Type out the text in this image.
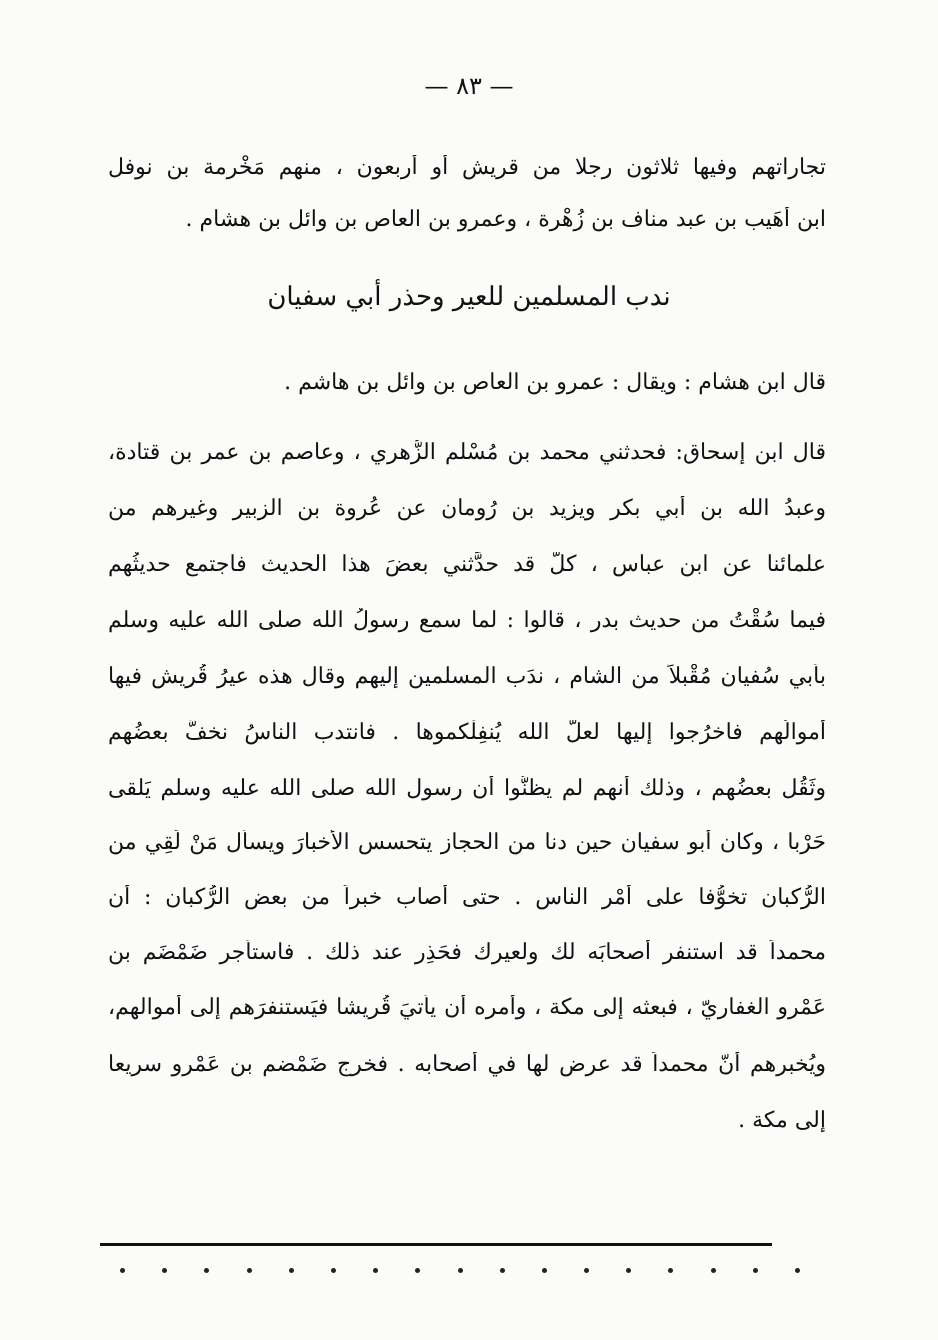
— ٨٣ —
تجاراتهم وفيها ثلاثون رجلا من قريش أو أربعون ، منهم مَخْرمة بن نوفل
ابن أُهَيب بن عبد مناف بن زُهْرة ، وعمرو بن العاص بن وائل بن هشام .
ندب المسلمين للعير وحذر أبي سفيان
قال ابن هشام : ويقال : عمرو بن العاص بن وائل بن هاشم .
قال ابن إسحاق: فحدثني محمد بن مُسْلم الزُّهري ، وعاصم بن عمر بن قتادة،
وعبدُ الله بن أبي بكر ويزيد بن رُومان عن عُروة بن الزبير وغيرهم من
علمائنا عن ابن عباس ، كلٌّ قد حدَّثني بعضَ هذا الحديث فاجتمع حديثُهم
فيما سُقْتُ من حديث بدر ، قالوا : لما سمع رسولُ الله صلى الله عليه وسلم
بأبي سُفيان مُقْبلاً من الشام ، ندَب المسلمين إليهم وقال هذه عيرُ قُريش فيها
أموالُهم فاخرُجوا إليها لعلَّ الله يُنفِلْكموها . فانتدب الناسُ نخفَّ بعضُهم
وثَقُل بعضُهم ، وذلك أنهم لم يظنُّوا أن رسول الله صلى الله عليه وسلم يَلقى
حَرْبا ، وكان أبو سفيان حين دنا من الحجاز يتحسس الأخبارَ ويسأل مَنْ لَقِي من
الرُّكبان تخوُّفا على أمْر الناس . حتى أصاب خبراً من بعض الرُّكبان : أن
محمداً قد استنفر أصحابَه لك ولعيرك فحَذِر عند ذلك . فاستأجر ضَمْضَم بن
عَمْرو الغفاريّ ، فبعثه إلى مكة ، وأمره أن يأتيَ قُريشا فيَستنفرَهم إلى أموالهم،
ويُخبرهم أنّ محمداً قد عرض لها في أصحابه . فخرج ضَمْضم بن عَمْرو سريعا
إلى مكة .
